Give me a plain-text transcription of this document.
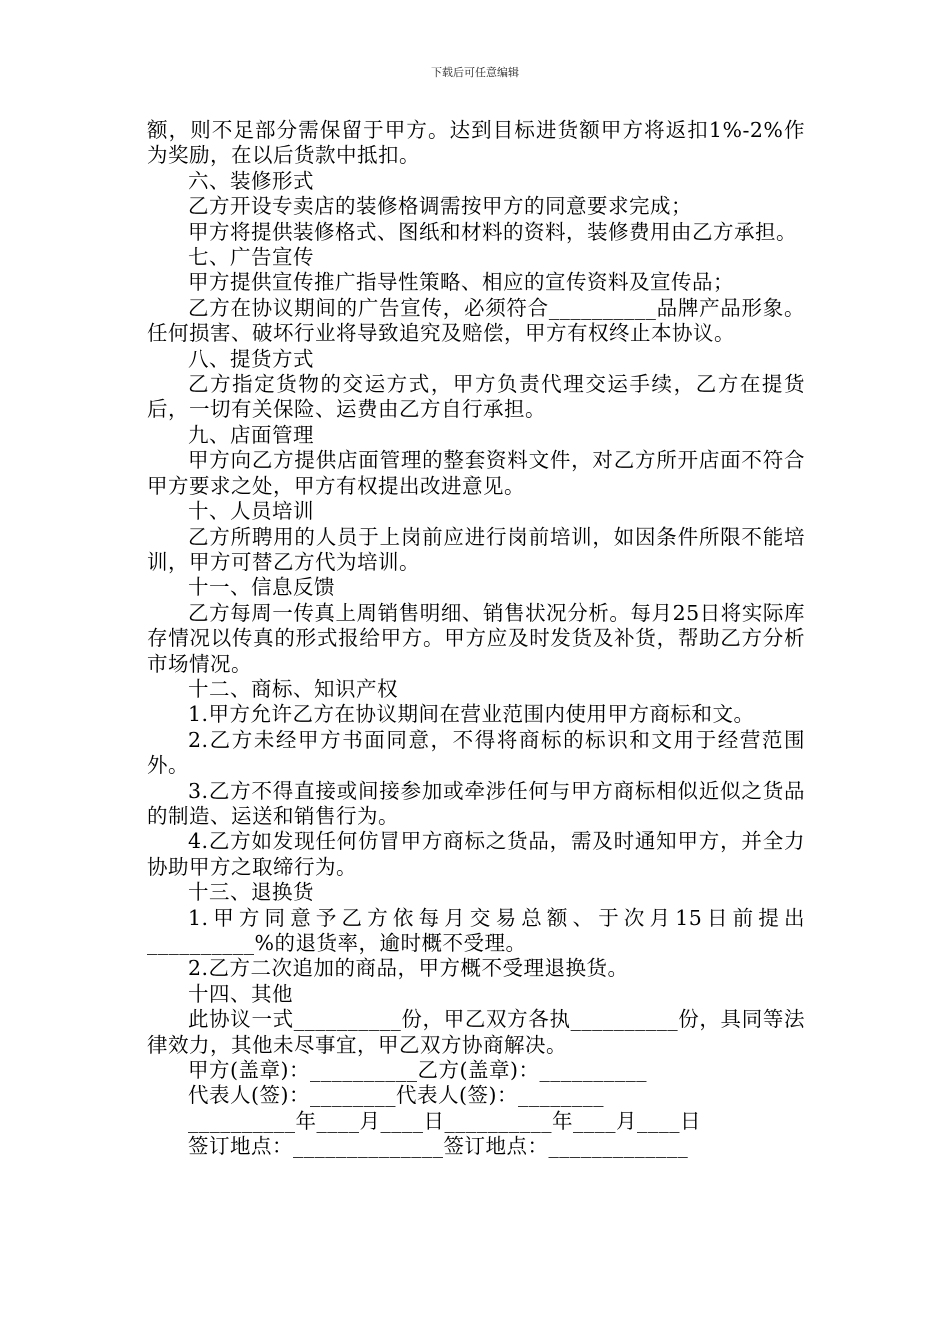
下载后可任意编辑

额，则不足部分需保留于甲方。达到目标进货额甲方将返扣1%-2%作为奖励，在以后货款中抵扣。

六、装修形式

乙方开设专卖店的装修格调需按甲方的同意要求完成；

甲方将提供装修格式、图纸和材料的资料，装修费用由乙方承担。

七、广告宣传

甲方提供宣传推广指导性策略、相应的宣传资料及宣传品；

乙方在协议期间的广告宣传，必须符合__________品牌产品形象。任何损害、破坏行业将导致追究及赔偿，甲方有权终止本协议。

八、提货方式

乙方指定货物的交运方式，甲方负责代理交运手续，乙方在提货后，一切有关保险、运费由乙方自行承担。

九、店面管理

甲方向乙方提供店面管理的整套资料文件，对乙方所开店面不符合甲方要求之处，甲方有权提出改进意见。

十、人员培训

乙方所聘用的人员于上岗前应进行岗前培训，如因条件所限不能培训，甲方可替乙方代为培训。

十一、信息反馈

乙方每周一传真上周销售明细、销售状况分析。每月25日将实际库存情况以传真的形式报给甲方。甲方应及时发货及补货，帮助乙方分析市场情况。

十二、商标、知识产权

1.甲方允许乙方在协议期间在营业范围内使用甲方商标和文。

2.乙方未经甲方书面同意，不得将商标的标识和文用于经营范围外。

3.乙方不得直接或间接参加或牵涉任何与甲方商标相似近似之货品的制造、运送和销售行为。

4.乙方如发现任何仿冒甲方商标之货品，需及时通知甲方，并全力协助甲方之取缔行为。

十三、退换货

1.甲方同意予乙方依每月交易总额、于次月15日前提出__________%的退货率，逾时概不受理。

2.乙方二次追加的商品，甲方概不受理退换货。

十四、其他

此协议一式__________份，甲乙双方各执__________份，具同等法律效力，其他未尽事宜，甲乙双方协商解决。

甲方(盖章)：__________乙方(盖章)：__________

代表人(签)：________代表人(签)：________

__________年____月____日__________年____月____日

签订地点：______________签订地点：_____________
